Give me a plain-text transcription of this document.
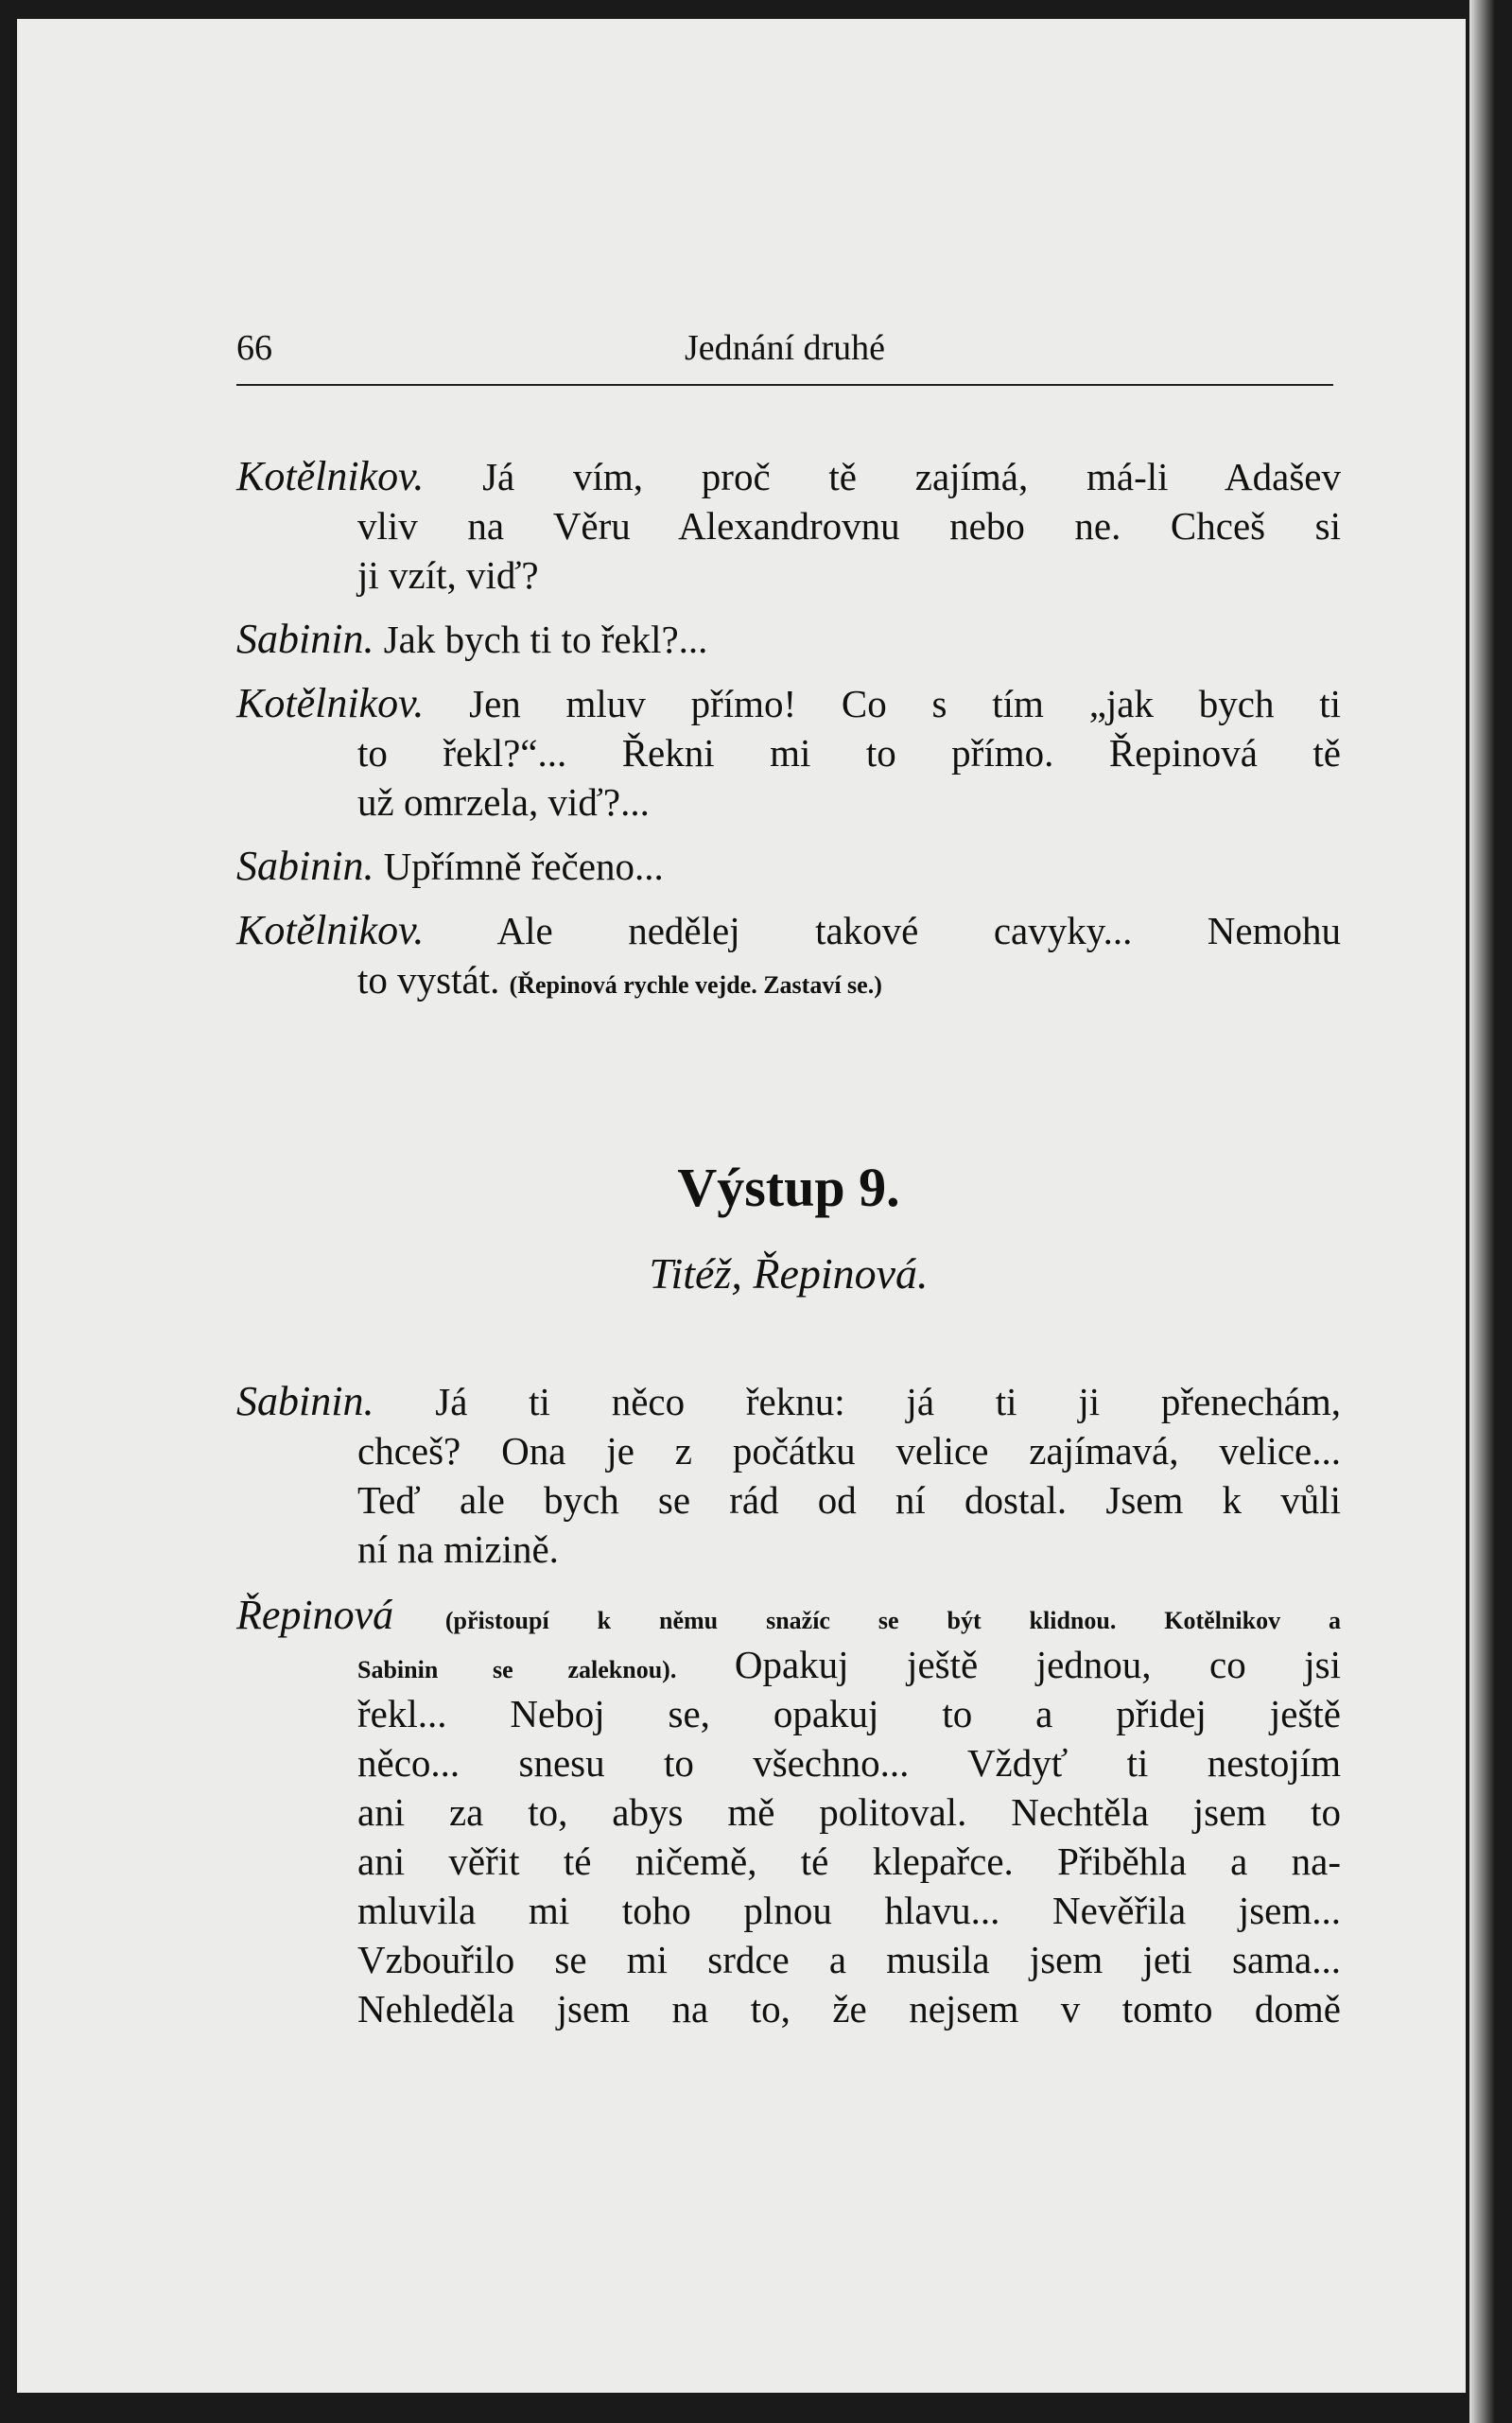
66	Jednání druhé
Kotělnikov. Já vím, proč tě zajímá, má-li Adašev
vliv na Věru Alexandrovnu nebo ne. Chceš si
ji vzít, viď?
Sabinin. Jak bych ti to řekl?...
Kotělnikov. Jen mluv přímo! Co s tím „jak bych ti
to řekl?“... Řekni mi to přímo. Řepinová tě
už omrzela, viď?...
Sabinin. Upřímně řečeno...
Kotělnikov. Ale nedělej takové cavyky... Nemohu
to vystát. (Řepinová rychle vejde. Zastaví se.)
Výstup 9.
Titéž, Řepinová.
Sabinin. Já ti něco řeknu: já ti ji přenechám,
chceš? Ona je z počátku velice zajímavá, velice...
Teď ale bych se rád od ní dostal. Jsem k vůli
ní na mizině.
Řepinová (přistoupí k němu snažíc se být klidnou. Kotělnikov a
Sabinin se zaleknou). Opakuj ještě jednou, co jsi
řekl... Neboj se, opakuj to a přidej ještě
něco... snesu to všechno... Vždyť ti nestojím
ani za to, abys mě politoval. Nechtěla jsem to
ani věřit té ničemě, té klepařce. Přiběhla a na-
mluvila mi toho plnou hlavu... Nevěřila jsem...
Vzbouřilo se mi srdce a musila jsem jeti sama...
Nehleděla jsem na to, že nejsem v tomto domě
